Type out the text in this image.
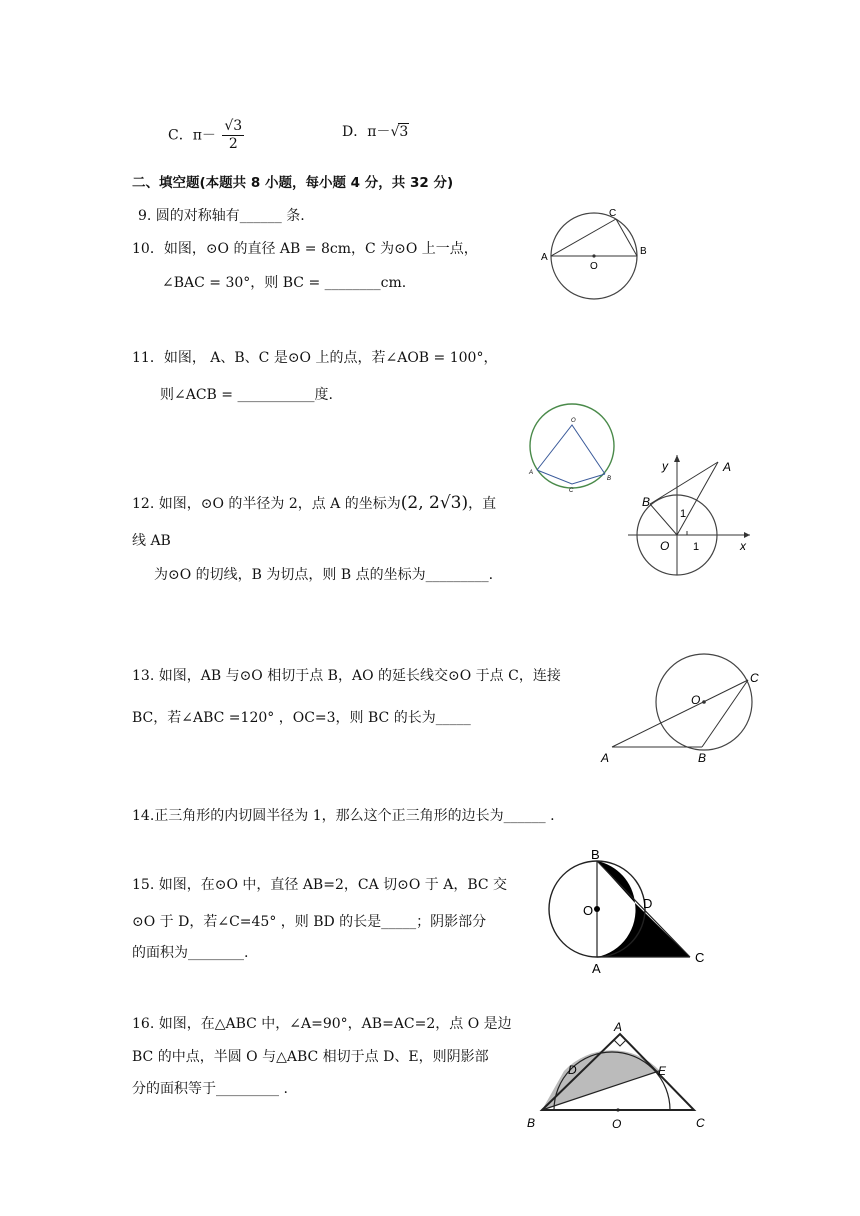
C．$\pi- \frac{√3}{2}$	D．π－√3
二、填空题(本题共 8 小题，每小题 4 分，共 32 分)
9. 圆的对称轴有______ 条.
10．如图，⊙O 的直径 AB = 8cm，C 为⊙O 上一点，
∠BAC = 30°，则 BC = ________cm.
11．如图， A、B、C 是⊙O 上的点，若∠AOB = 100°，
则∠ACB = ___________度.
12. 如图，⊙O 的半径为 2，点 A 的坐标为(2, 2√3)，直
线 AB
为⊙O 的切线，B 为切点，则 B 点的坐标为_________.
13. 如图，AB 与⊙O 相切于点 B，AO 的延长线交⊙O 于点 C，连接
BC，若∠ABC =120° ，OC=3，则 BC 的长为_____
14.正三角形的内切圆半径为 1，那么这个正三角形的边长为______ .
15. 如图，在⊙O 中，直径 AB=2，CA 切⊙O 于 A，BC 交
⊙O 于 D，若∠C=45° ，则 BD 的长是_____；阴影部分
的面积为________.
16. 如图，在△ABC 中，∠A=90°，AB=AC=2，点 O 是边
BC 的中点，半圆 O 与△ABC 相切于点 D、E，则阴影部
分的面积等于_________ .
A
B
C
O
O
A
B
C
y
x
A
B
O 1
1
O
C
A	B
B
O	D
A
C
A
D	E
B	O	C
